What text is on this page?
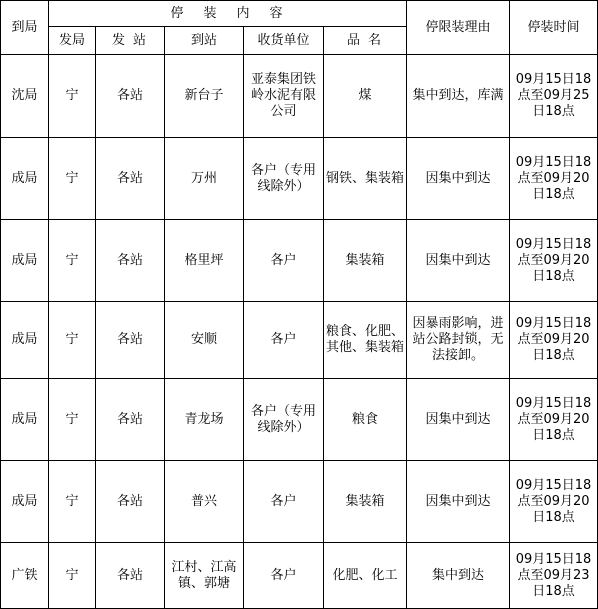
到局	停装内容					停限装理由	停装时间
	发局	发站	到站	收货单位	品名		
沈局	宁	各站	新台子	亚泰集团铁岭水泥有限公司	煤	集中到达，库满	09月15日18点至09月25日18点
成局	宁	各站	万州	各户（专用线除外）	钢铁、集装箱	因集中到达	09月15日18点至09月20日18点
成局	宁	各站	格里坪	各户	集装箱	因集中到达	09月15日18点至09月20日18点
成局	宁	各站	安顺	各户	粮食、化肥、其他、集装箱	因暴雨影响，进站公路封锁，无法接卸。	09月15日18点至09月20日18点
成局	宁	各站	青龙场	各户（专用线除外）	粮食	因集中到达	09月15日18点至09月20日18点
成局	宁	各站	普兴	各户	集装箱	因集中到达	09月15日18点至09月20日18点
广铁	宁	各站	江村、江高镇、郭塘	各户	化肥、化工	集中到达	09月15日18点至09月23日18点
